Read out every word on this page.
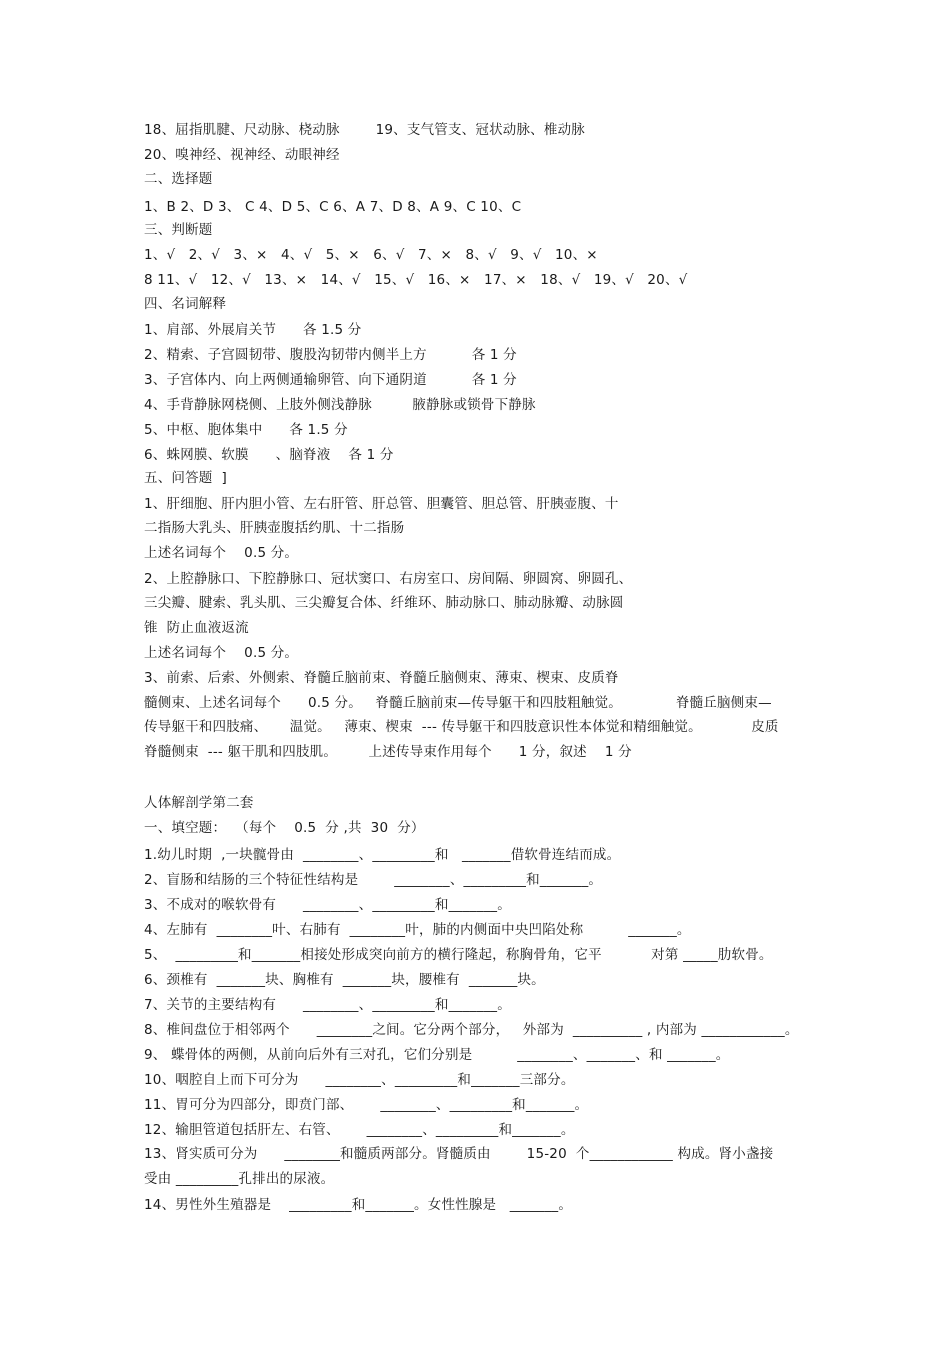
18、屈指肌腱、尺动脉、桡动脉        19、支气管支、冠状动脉、椎动脉
20、嗅神经、视神经、动眼神经
二、选择题
1、B 2、D 3、 C 4、D 5、C 6、A 7、D 8、A 9、C 10、C
三、判断题
1、√   2、√   3、×   4、√   5、×   6、√   7、×   8、√   9、√   10、×
8 11、√   12、√   13、×   14、√   15、√   16、×   17、×   18、√   19、√   20、√
四、名词解释
1、肩部、外展肩关节      各 1.5 分
2、精索、子宫圆韧带、腹股沟韧带内侧半上方          各 1 分
3、子宫体内、向上两侧通输卵管、向下通阴道          各 1 分
4、手背静脉网桡侧、上肢外侧浅静脉         腋静脉或锁骨下静脉
5、中枢、胞体集中      各 1.5 分
6、蛛网膜、软膜      、脑脊液    各 1 分
五、问答题  ]
1、肝细胞、肝内胆小管、左右肝管、肝总管、胆囊管、胆总管、肝胰壶腹、十
二指肠大乳头、肝胰壶腹括约肌、十二指肠
上述名词每个    0.5 分。
2、上腔静脉口、下腔静脉口、冠状窦口、右房室口、房间隔、卵圆窝、卵圆孔、
三尖瓣、腱索、乳头肌、三尖瓣复合体、纤维环、肺动脉口、肺动脉瓣、动脉圆
锥  防止血液返流
上述名词每个    0.5 分。
3、前索、后索、外侧索、脊髓丘脑前束、脊髓丘脑侧束、薄束、楔束、皮质脊
髓侧束、上述名词每个      0.5 分。   脊髓丘脑前束—传导躯干和四肢粗触觉。            脊髓丘脑侧束—
传导躯干和四肢痛、     温觉。   薄束、楔束  --- 传导躯干和四肢意识性本体觉和精细触觉。           皮质
脊髓侧束  --- 躯干肌和四肢肌。       上述传导束作用每个      1 分，叙述    1 分
人体解剖学第二套
一、填空题：  （每个    0.5  分 ,共  30  分）
1.幼儿时期  ,一块髋骨由  ________、_________和   _______借软骨连结而成。
2、盲肠和结肠的三个特征性结构是        ________、_________和_______。
3、不成对的喉软骨有      ________、_________和_______。
4、左肺有  ________叶、右肺有  ________叶，肺的内侧面中央凹陷处称          _______。
5、  _________和_______相接处形成突向前方的横行隆起，称胸骨角，它平           对第 _____肋软骨。
6、颈椎有  _______块、胸椎有  _______块，腰椎有  _______块。
7、关节的主要结构有      ________、_________和_______。
8、椎间盘位于相邻两个      ________之间。它分两个部分，   外部为  __________ , 内部为 ____________。
9、 蝶骨体的两侧，从前向后外有三对孔，它们分别是          ________、_______、和 _______。
10、咽腔自上而下可分为      ________、_________和_______三部分。
11、胃可分为四部分，即贲门部、      ________、_________和_______。
12、输胆管道包括肝左、右管、      ________、_________和_______。
13、肾实质可分为      ________和髓质两部分。肾髓质由        15-20  个____________ 构成。肾小盏接
受由 _________孔排出的尿液。
14、男性外生殖器是    _________和_______。女性性腺是   _______。
